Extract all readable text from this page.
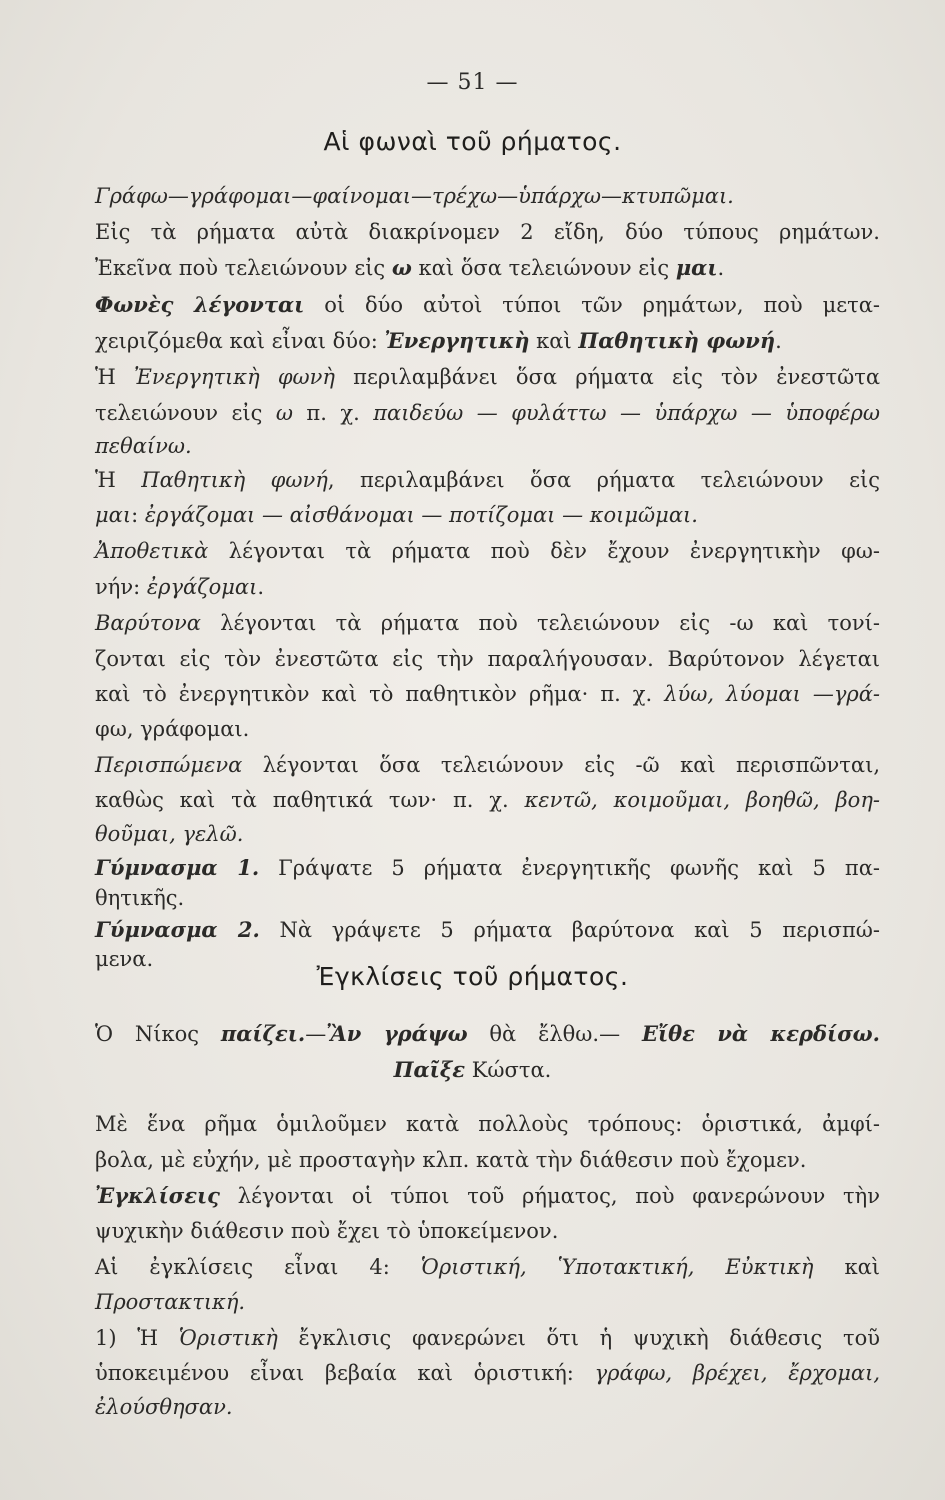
— 51 —
Αἱ φωναὶ τοῦ ρήματος.
Γράφω—γράφομαι—φαίνομαι—τρέχω—ὑπάρχω—κτυπῶμαι.
Εἰς τὰ ρήματα αὐτὰ διακρίνομεν 2 εἴδη, δύο τύπους ρημάτων.
Ἐκεῖνα ποὺ τελειώνουν εἰς ω καὶ ὅσα τελειώνουν εἰς μαι.
Φωνὲς λέγονται οἱ δύο αὐτοὶ τύποι τῶν ρημάτων, ποὺ μετα-
χειριζόμεθα καὶ εἶναι δύο: Ἐνεργητικὴ καὶ Παθητικὴ φωνή.
Ἡ Ἐνεργητικὴ φωνὴ περιλαμβάνει ὅσα ρήματα εἰς τὸν ἐνεστῶτα
τελειώνουν εἰς ω π. χ. παιδεύω — φυλάττω — ὑπάρχω — ὑποφέρω
πεθαίνω.
Ἡ Παθητικὴ φωνή, περιλαμβάνει ὅσα ρήματα τελειώνουν εἰς
μαι: ἐργάζομαι — αἰσθάνομαι — ποτίζομαι — κοιμῶμαι.
Ἀποθετικὰ λέγονται τὰ ρήματα ποὺ δὲν ἔχουν ἐνεργητικὴν φω-
νήν: ἐργάζομαι.
Βαρύτονα λέγονται τὰ ρήματα ποὺ τελειώνουν εἰς -ω καὶ τονί-
ζονται εἰς τὸν ἐνεστῶτα εἰς τὴν παραλήγουσαν. Βαρύτονον λέγεται
καὶ τὸ ἐνεργητικὸν καὶ τὸ παθητικὸν ρῆμα· π. χ. λύω, λύομαι —γρά-
φω, γράφομαι.
Περισπώμενα λέγονται ὅσα τελειώνουν εἰς -ῶ καὶ περισπῶνται,
καθὼς καὶ τὰ παθητικά των· π. χ. κεντῶ, κοιμοῦμαι, βοηθῶ, βοη-
θοῦμαι, γελῶ.
Γύμνασμα 1. Γράψατε 5 ρήματα ἐνεργητικῆς φωνῆς καὶ 5 πα-
θητικῆς.
Γύμνασμα 2. Νὰ γράψετε 5 ρήματα βαρύτονα καὶ 5 περισπώ-
μενα.
Ἐγκλίσεις τοῦ ρήματος.
Ὁ Νίκος παίζει.—Ἂν γράψω θὰ ἔλθω.— Εἴθε νὰ κερδίσω.
Παῖξε Κώστα.
Μὲ ἕνα ρῆμα ὁμιλοῦμεν κατὰ πολλοὺς τρόπους: ὁριστικά, ἀμφί-
βολα, μὲ εὐχήν, μὲ προσταγὴν κλπ. κατὰ τὴν διάθεσιν ποὺ ἔχομεν.
Ἐγκλίσεις λέγονται οἱ τύποι τοῦ ρήματος, ποὺ φανερώνουν τὴν
ψυχικὴν διάθεσιν ποὺ ἔχει τὸ ὑποκείμενον.
Αἱ ἐγκλίσεις εἶναι 4: Ὁριστική, Ὑποτακτική, Εὐκτικὴ καὶ
Προστακτική.
1) Ἡ Ὁριστικὴ ἔγκλισις φανερώνει ὅτι ἡ ψυχικὴ διάθεσις τοῦ
ὑποκειμένου εἶναι βεβαία καὶ ὁριστική: γράφω, βρέχει, ἔρχομαι,
ἐλούσθησαν.
